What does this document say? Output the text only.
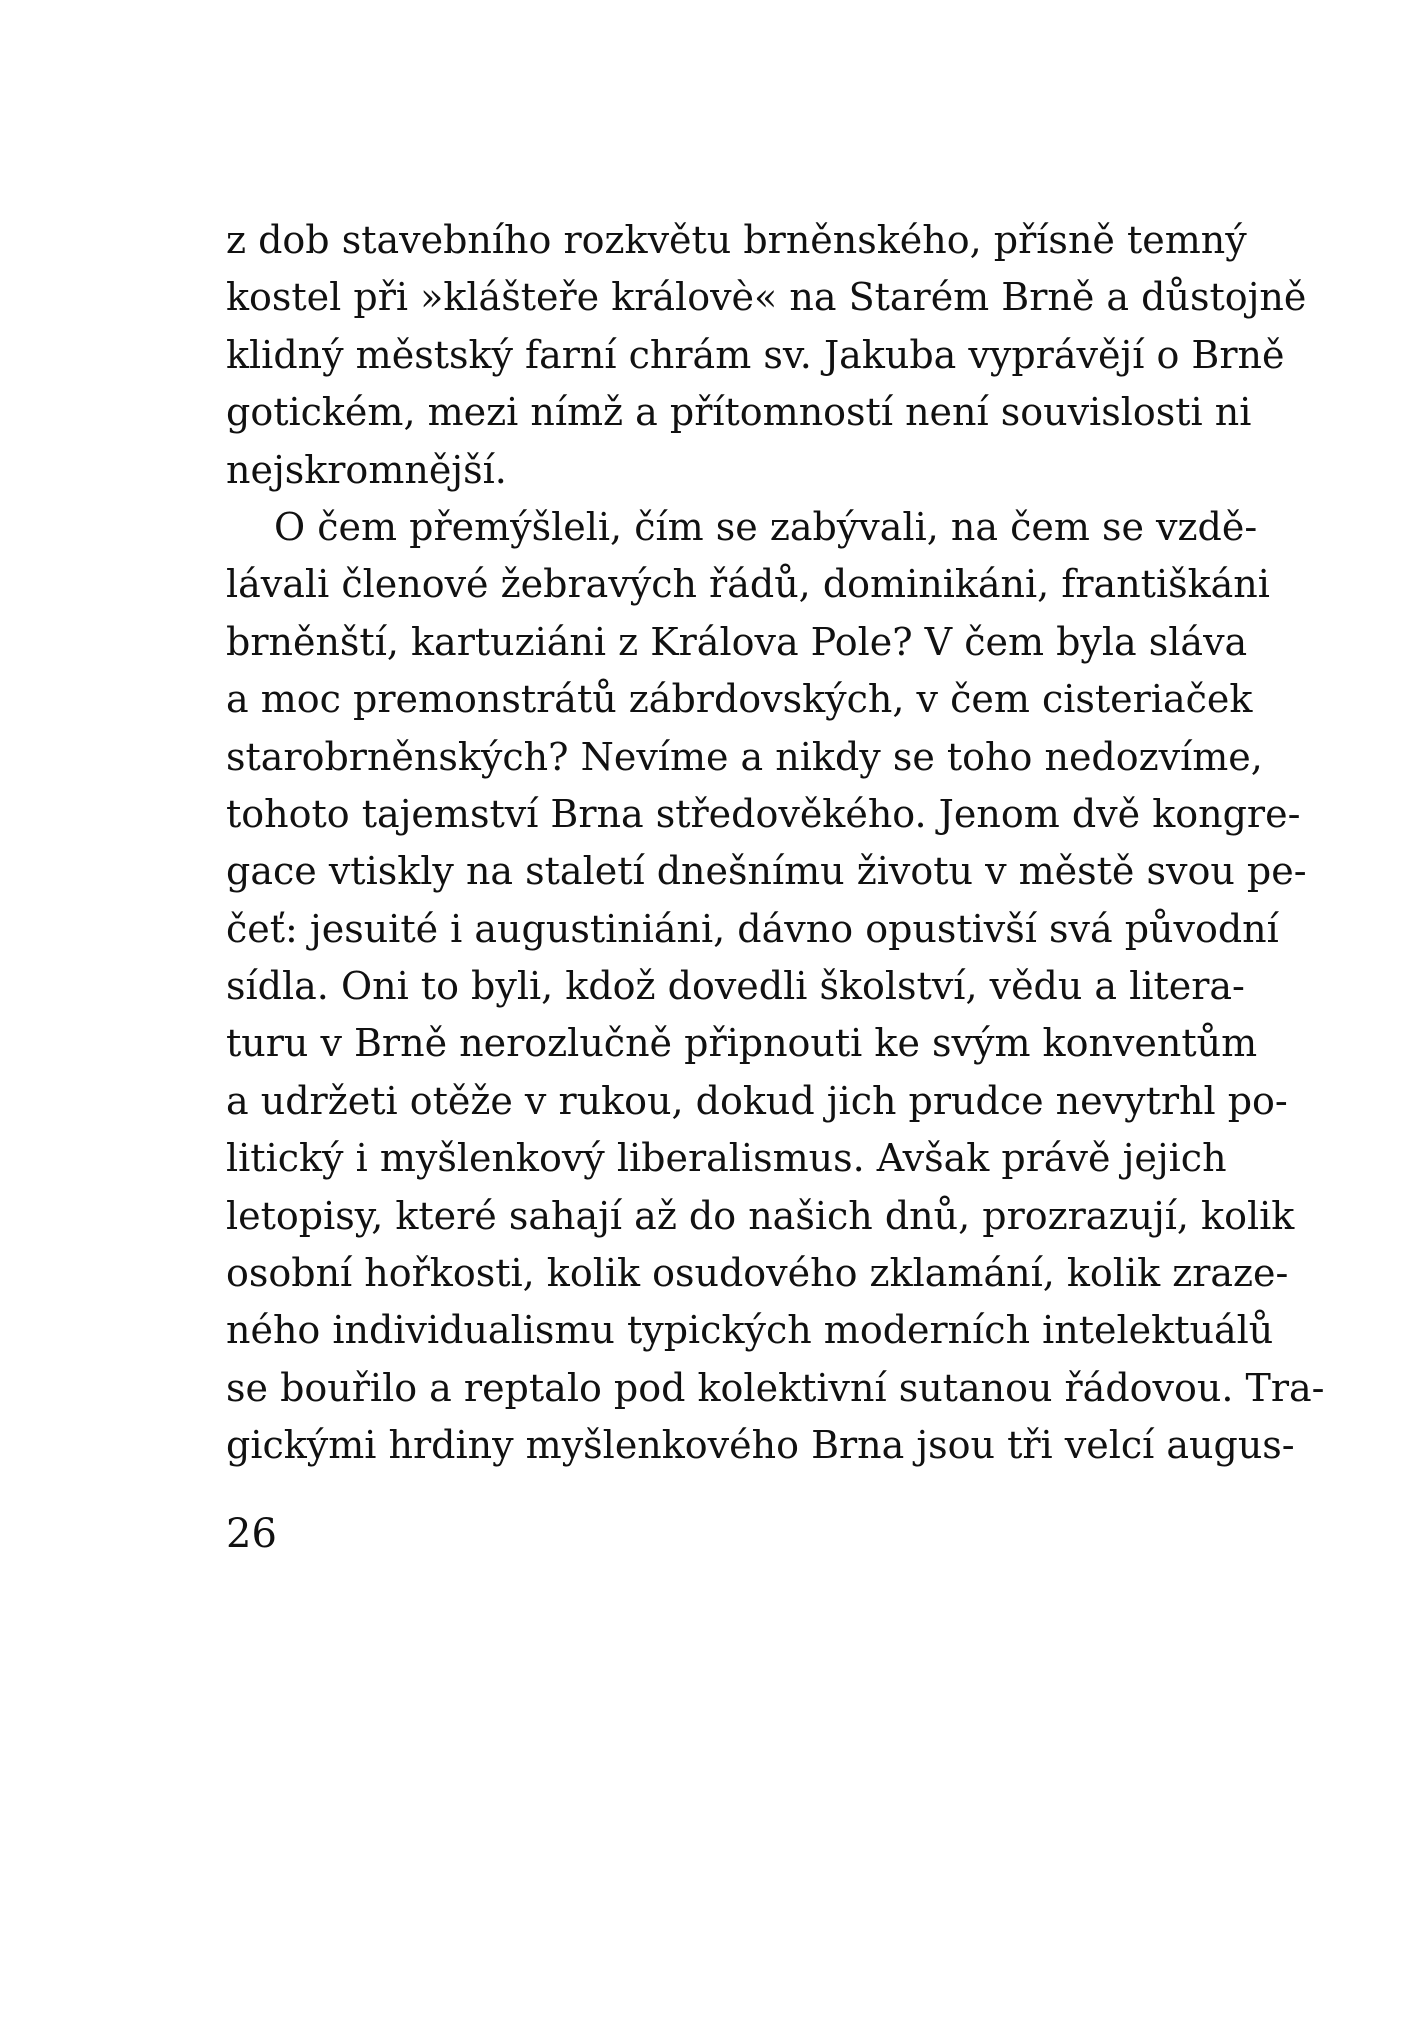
z dob stavebního rozkvětu brněnského, přísně temný
kostel při »klášteře královѐ« na Starém Brně a důstojně
klidný městský farní chrám sv. Jakuba vyprávějí o Brně
gotickém, mezi nímž a přítomností není souvislosti ni
nejskromnější.
O čem přemýšleli, čím se zabývali, na čem se vzdě-
lávali členové žebravých řádů, dominikáni, františkáni
brněnští, kartuziáni z Králova Pole? V čem byla sláva
a moc premonstrátů zábrdovských, v čem cisteriaček
starobrněnských? Nevíme a nikdy se toho nedozvíme,
tohoto tajemství Brna středověkého. Jenom dvě kongre-
gace vtiskly na staletí dnešnímu životu v městě svou pe-
čeť: jesuité i augustiniáni, dávno opustivší svá původní
sídla. Oni to byli, kdož dovedli školství, vědu a litera-
turu v Brně nerozlučně připnouti ke svým konventům
a udržeti otěže v rukou, dokud jich prudce nevytrhl po-
litický i myšlenkový liberalismus. Avšak právě jejich
letopisy, které sahají až do našich dnů, prozrazují, kolik
osobní hořkosti, kolik osudového zklamání, kolik zraze-
ného individualismu typických moderních intelektuálů
se bouřilo a reptalo pod kolektivní sutanou řádovou. Tra-
gickými hrdiny myšlenkového Brna jsou tři velcí augus-
26
